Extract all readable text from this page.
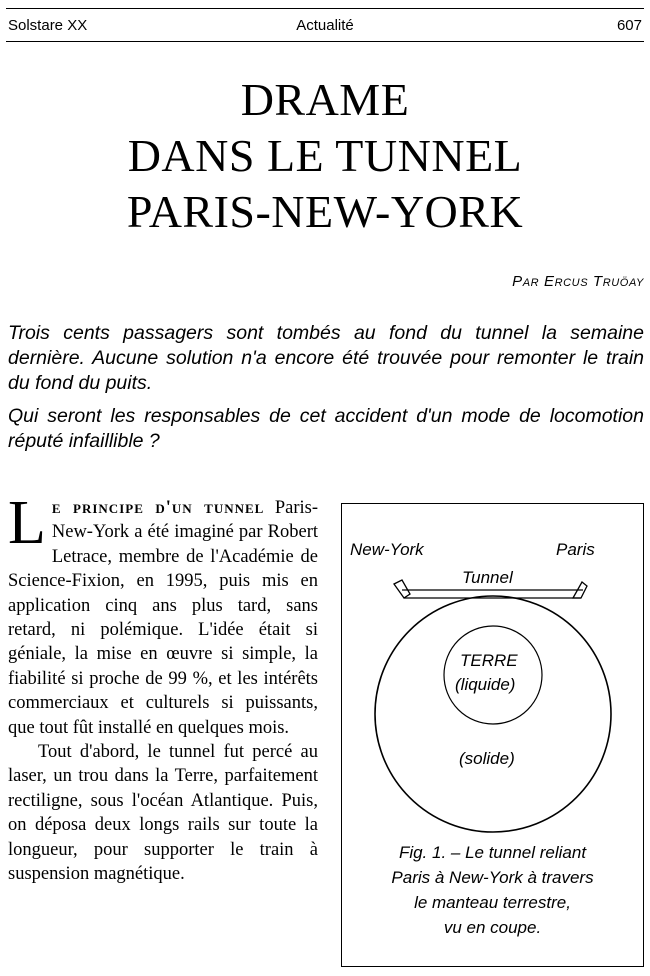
Solstare XX	Actualité	607
DRAME
DANS LE TUNNEL
PARIS-NEW-YORK
Par Ercus Truöay

Trois cents passagers sont tombés au fond du tunnel la semaine dernière. Aucune solution n'a encore été trouvée pour remonter le train du fond du puits.

Qui seront les responsables de cet accident d'un mode de locomotion réputé infaillible ?

Le principe d'un tunnel Paris-New-York a été imaginé par Robert Letrace, membre de l'Académie de Science-Fixion, en 1995, puis mis en application cinq ans plus tard, sans retard, ni polémique. L'idée était si géniale, la mise en œuvre si simple, la fiabilité si proche de 99 %, et les intérêts commerciaux et culturels si puissants, que tout fût installé en quelques mois.

Tout d'abord, le tunnel fut percé au laser, un trou dans la Terre, parfaitement rectiligne, sous l'océan Atlantique. Puis, on déposa deux longs rails sur toute la longueur, pour supporter le train à suspension magnétique.

New-York	Paris
Tunnel
TERRE
(liquide)
(solide)
Fig. 1. – Le tunnel reliant
Paris à New-York à travers
le manteau terrestre,
vu en coupe.
